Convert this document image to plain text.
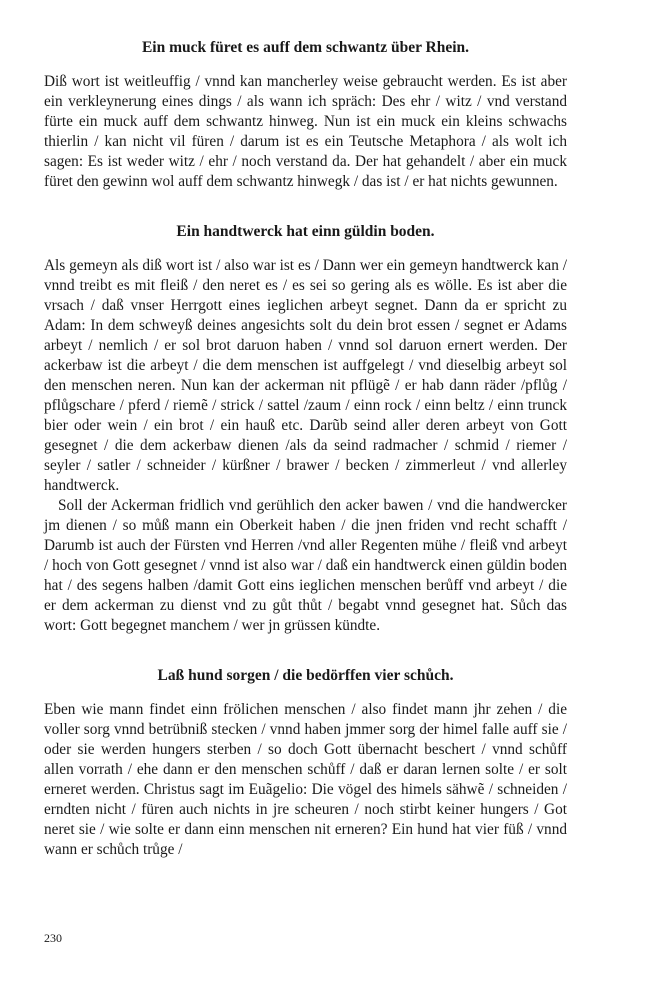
Ein muck füret es auff dem schwantz über Rhein.

Diß wort ist weitleuffig / vnnd kan mancherley weise gebraucht werden. Es ist aber ein verkleynerung eines dings / als wann ich spräch: Des ehr / witz / vnd verstand fürte ein muck auff dem schwantz hinweg. Nun ist ein muck ein kleins schwachs thierlin / kan nicht vil füren / darum ist es ein Teutsche Metaphora / als wolt ich sagen: Es ist weder witz / ehr / noch verstand da. Der hat gehandelt / aber ein muck füret den gewinn wol auff dem schwantz hinwegk / das ist / er hat nichts gewunnen.

Ein handtwerck hat einn güldin boden.

Als gemeyn als diß wort ist / also war ist es / Dann wer ein gemeyn handtwerck kan / vnnd treibt es mit fleiß / den neret es / es sei so gering als es wölle. Es ist aber die vrsach / daß vnser Herrgott eines ieglichen arbeyt segnet. Dann da er spricht zu Adam: In dem schweyß deines angesichts solt du dein brot essen / segnet er Adams arbeyt / nemlich / er sol brot daruon haben / vnnd sol daruon ernert werden. Der ackerbaw ist die arbeyt / die dem menschen ist auffgelegt / vnd dieselbig arbeyt sol den menschen neren. Nun kan der ackerman nit pflügẽ / er hab dann räder /pflůg / pflůgschare / pferd / riemẽ / strick / sattel /zaum / einn rock / einn beltz / einn trunck bier oder wein / ein brot / ein hauß etc. Darũb seind aller deren arbeyt von Gott gesegnet / die dem ackerbaw dienen /als da seind radmacher / schmid / riemer / seyler / satler / schneider / kürßner / brawer / becken / zimmerleut / vnd allerley handtwerck.

Soll der Ackerman fridlich vnd gerühlich den acker bawen / vnd die handwercker jm dienen / so můß mann ein Oberkeit haben / die jnen friden vnd recht schafft / Darumb ist auch der Fürsten vnd Herren /vnd aller Regenten mühe / fleiß vnd arbeyt / hoch von Gott gesegnet / vnnd ist also war / daß ein handtwerck einen güldin boden hat / des segens halben /damit Gott eins ieglichen menschen berůff vnd arbeyt / die er dem ackerman zu dienst vnd zu gůt thůt / begabt vnnd gesegnet hat. Sůch das wort: Gott begegnet manchem / wer jn grüssen kündte.

Laß hund sorgen / die bedörffen vier schůch.

Eben wie mann findet einn frölichen menschen / also findet mann jhr zehen / die voller sorg vnnd betrübniß stecken / vnnd haben jmmer sorg der himel falle auff sie / oder sie werden hungers sterben / so doch Gott übernacht beschert / vnnd schůff allen vorrath / ehe dann er den menschen schůff / daß er daran lernen solte / er solt erneret werden. Christus sagt im Euãgelio: Die vögel des himels sähwẽ / schneiden / erndten nicht / füren auch nichts in jre scheuren / noch stirbt keiner hungers / Got neret sie / wie solte er dann einn menschen nit erneren? Ein hund hat vier füß / vnnd wann er schůch trůge /

230
